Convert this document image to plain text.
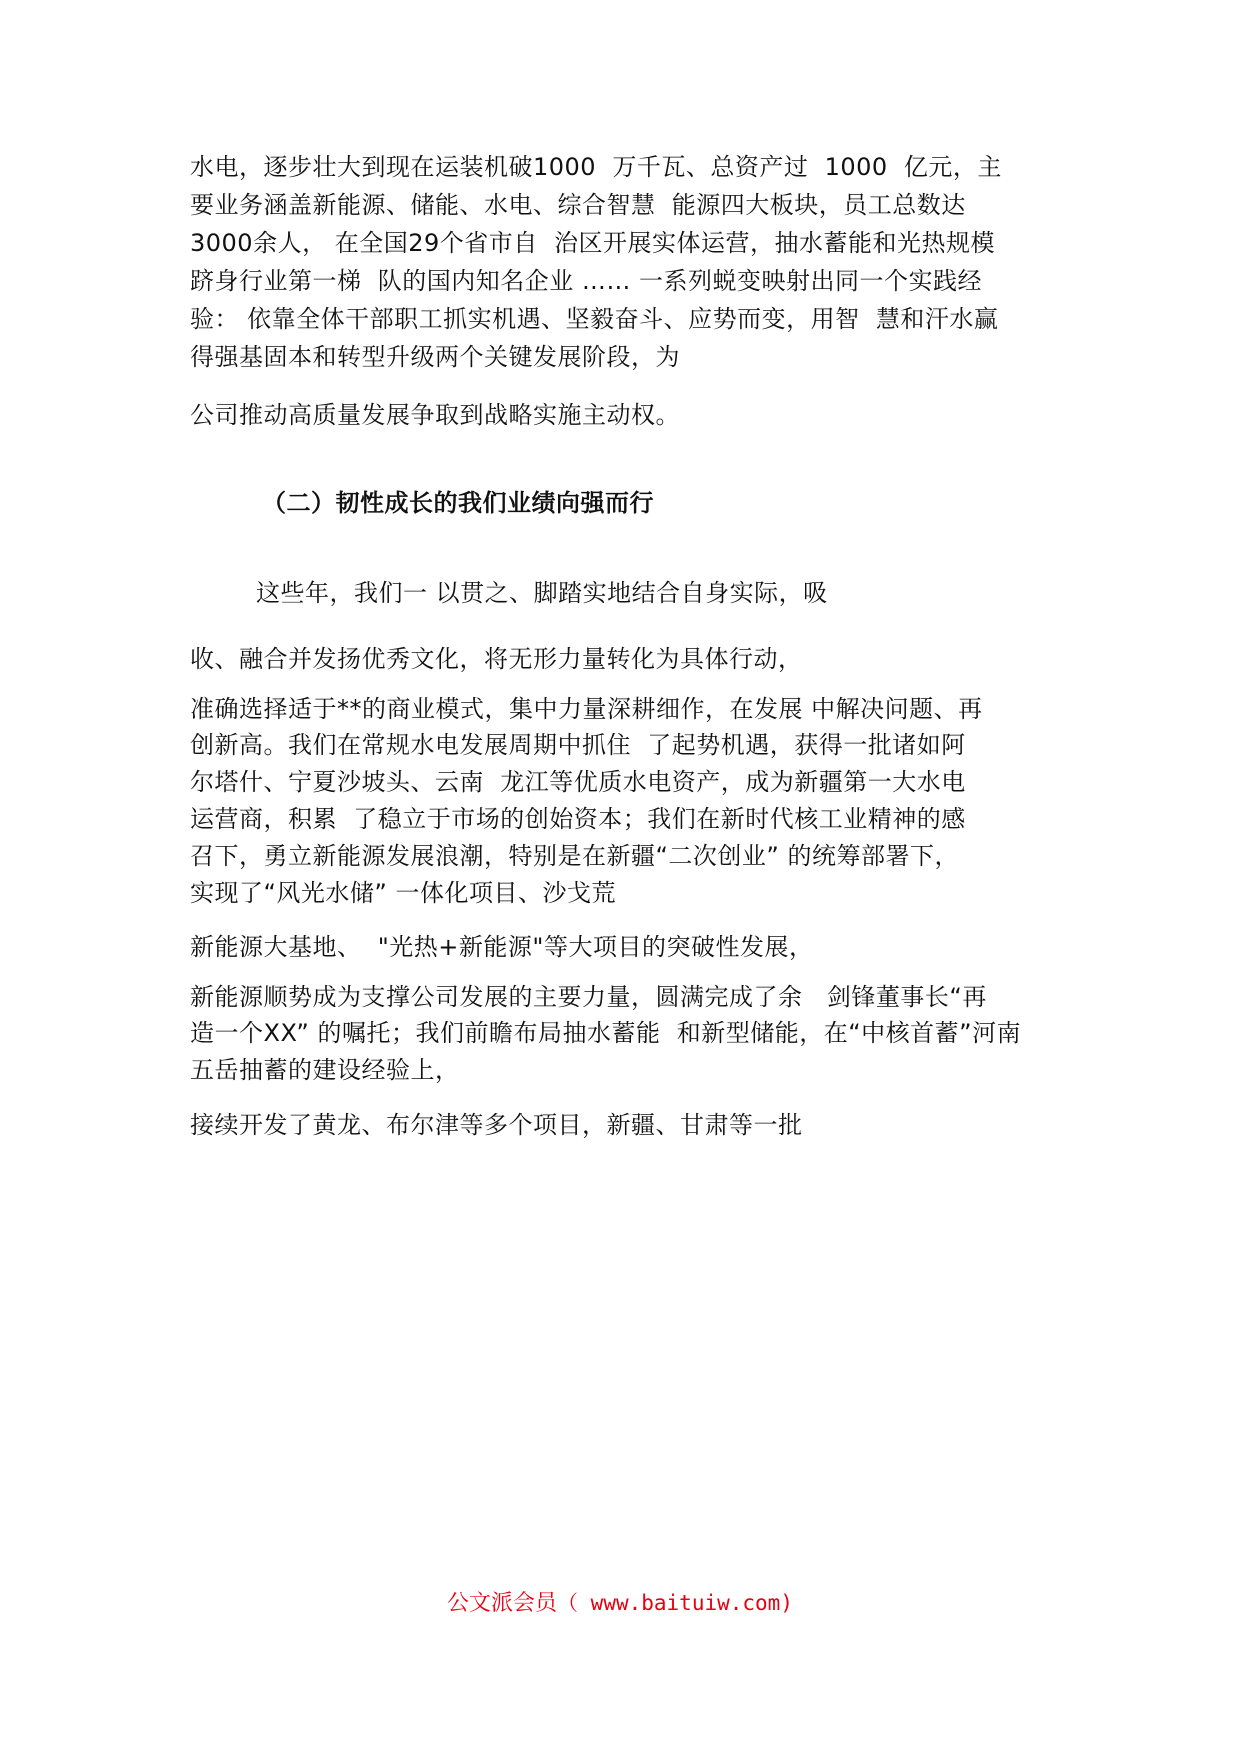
水电，逐步壮大到现在运装机破1000  万千瓦、总资产过  1000  亿元，主
要业务涵盖新能源、储能、水电、综合智慧  能源四大板块，员工总数达
3000余人， 在全国29个省市自  治区开展实体运营，抽水蓄能和光热规模
跻身行业第一梯  队的国内知名企业 …… 一系列蜕变映射出同一个实践经
验： 依靠全体干部职工抓实机遇、坚毅奋斗、应势而变，用智  慧和汗水赢
得强基固本和转型升级两个关键发展阶段，为
公司推动高质量发展争取到战略实施主动权。
（二）韧性成长的我们业绩向强而行
这些年，我们一 以贯之、脚踏实地结合自身实际，吸
收、融合并发扬优秀文化，将无形力量转化为具体行动，
准确选择适于**的商业模式，集中力量深耕细作，在发展 中解决问题、再
创新高。我们在常规水电发展周期中抓住  了起势机遇，获得一批诸如阿
尔塔什、宁夏沙坡头、云南  龙江等优质水电资产，成为新疆第一大水电
运营商，积累  了稳立于市场的创始资本；我们在新时代核工业精神的感
召下，勇立新能源发展浪潮，特别是在新疆“二次创业” 的统筹部署下，
实现了“风光水储” 一体化项目、沙戈荒
新能源大基地、  "光热+新能源"等大项目的突破性发展，
新能源顺势成为支撑公司发展的主要力量，圆满完成了余   剑锋董事长“再
造一个XX” 的嘱托；我们前瞻布局抽水蓄能  和新型储能，在“中核首蓄”河南
五岳抽蓄的建设经验上，
接续开发了黄龙、布尔津等多个项目，新疆、甘肃等一批
公文派会员（ www.baituiw.com)
